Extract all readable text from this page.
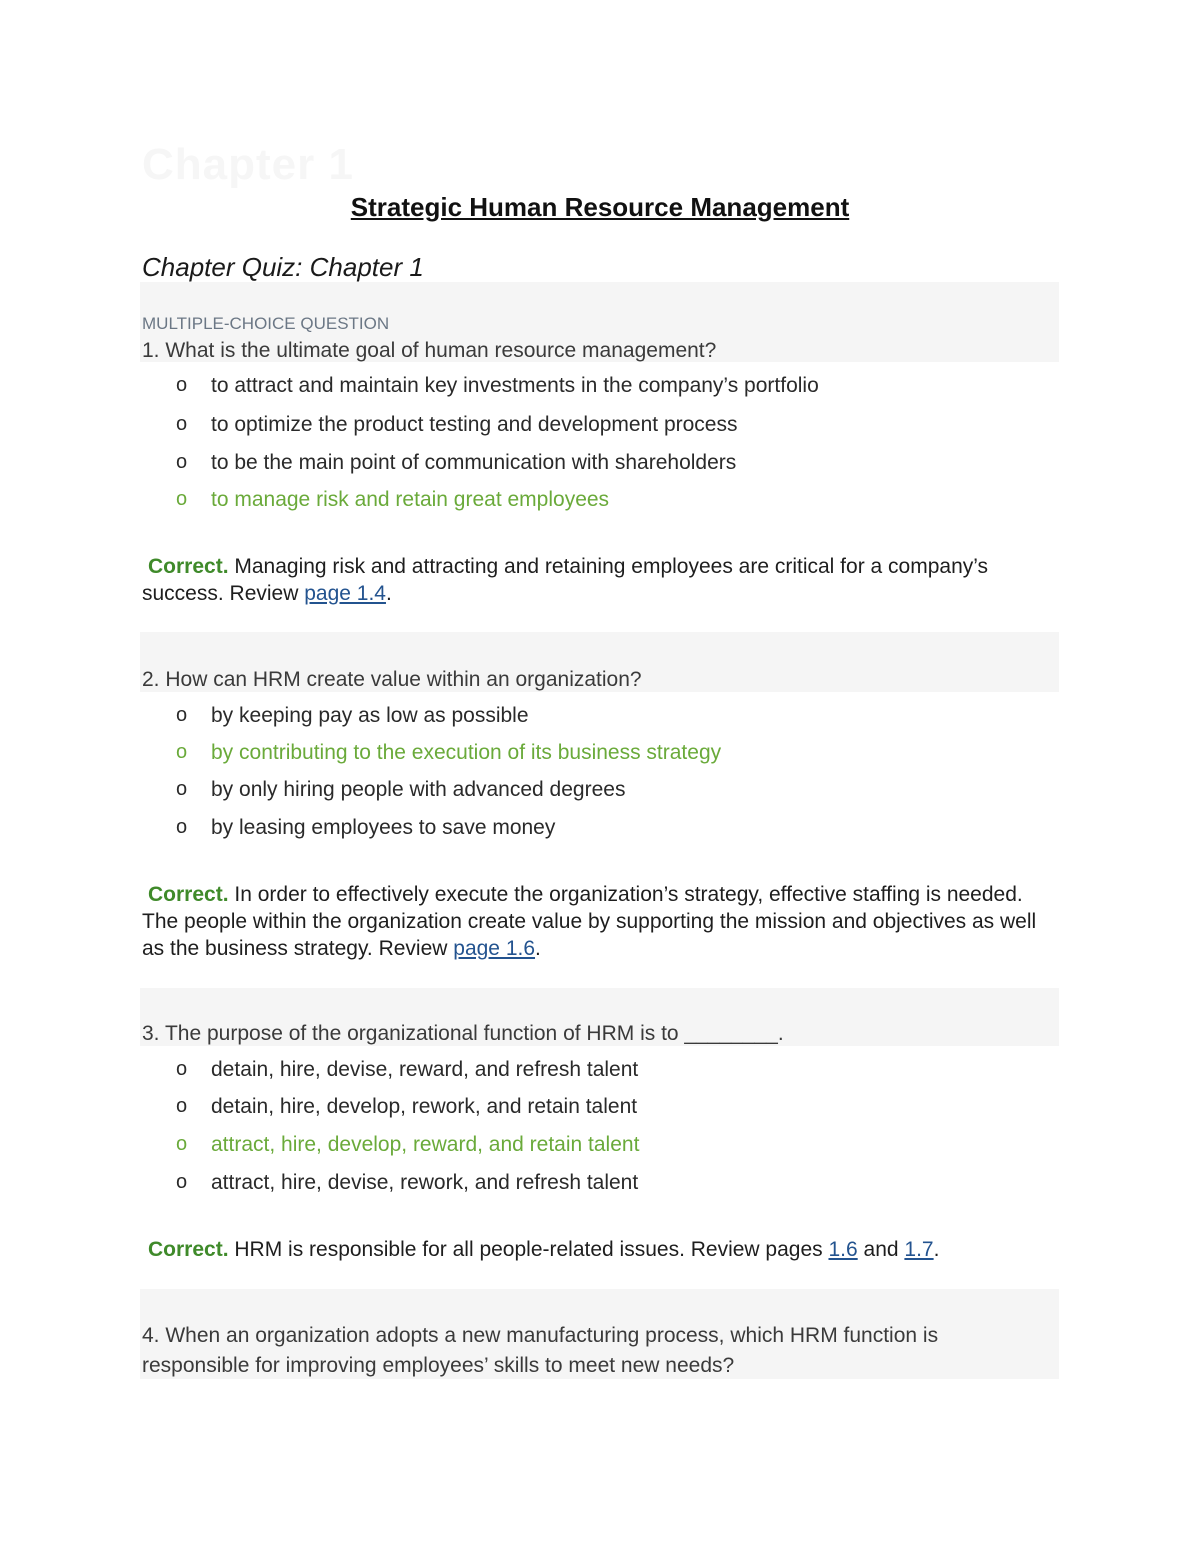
Chapter 1
Strategic Human Resource Management
Chapter Quiz: Chapter 1
MULTIPLE-CHOICE QUESTION
1. What is the ultimate goal of human resource management?
o to attract and maintain key investments in the company’s portfolio
o to optimize the product testing and development process
o to be the main point of communication with shareholders
o to manage risk and retain great employees
Correct. Managing risk and attracting and retaining employees are critical for a company’s success. Review page 1.4.
2. How can HRM create value within an organization?
o by keeping pay as low as possible
o by contributing to the execution of its business strategy
o by only hiring people with advanced degrees
o by leasing employees to save money
Correct. In order to effectively execute the organization’s strategy, effective staffing is needed. The people within the organization create value by supporting the mission and objectives as well as the business strategy. Review page 1.6.
3. The purpose of the organizational function of HRM is to ________.
o detain, hire, devise, reward, and refresh talent
o detain, hire, develop, rework, and retain talent
o attract, hire, develop, reward, and retain talent
o attract, hire, devise, rework, and refresh talent
Correct. HRM is responsible for all people-related issues. Review pages 1.6 and 1.7.
4. When an organization adopts a new manufacturing process, which HRM function is responsible for improving employees’ skills to meet new needs?
